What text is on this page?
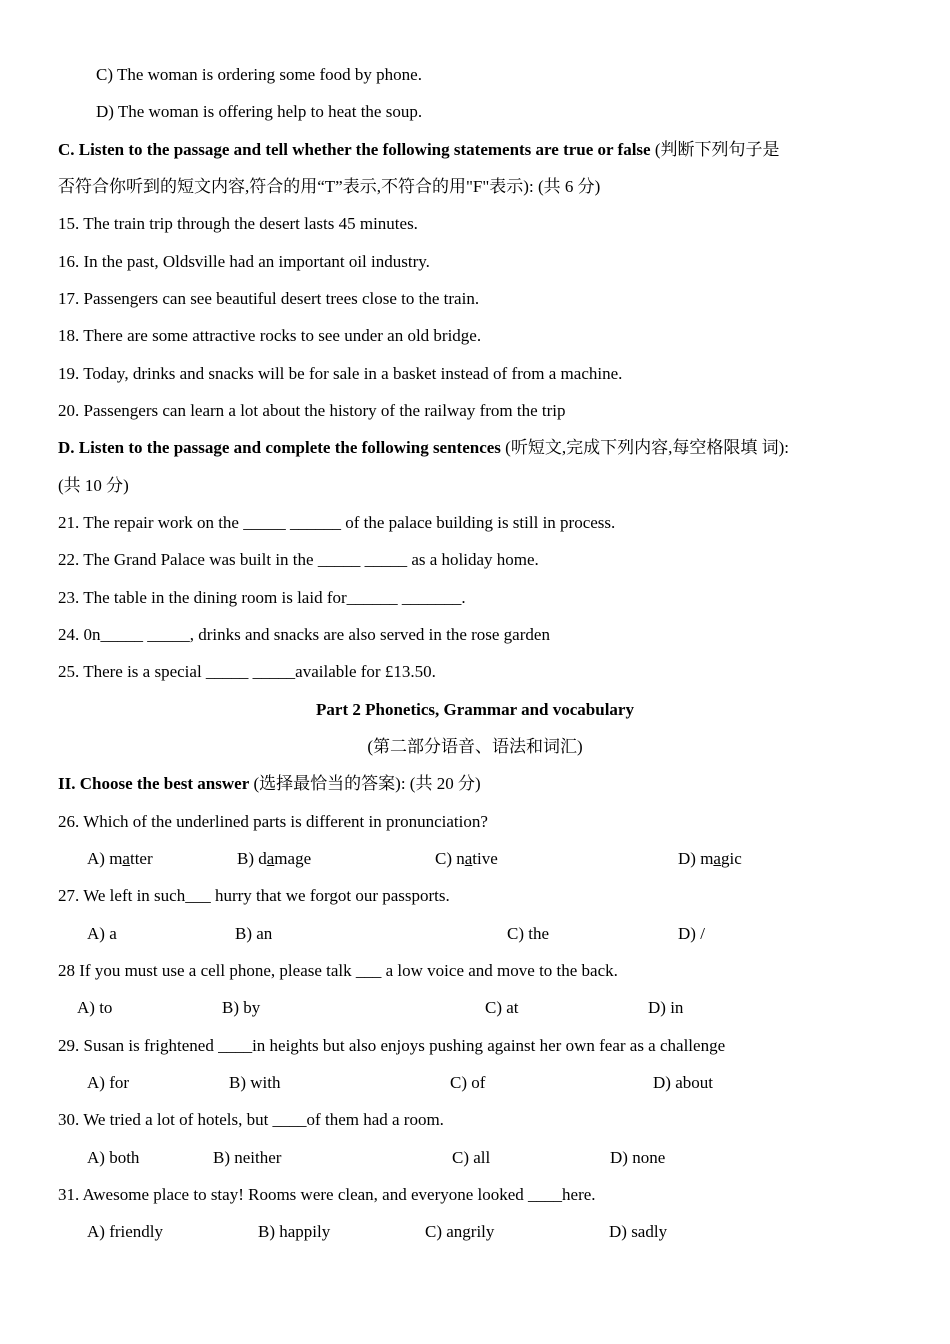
C) The woman is ordering some food by phone.
D) The woman is offering help to heat the soup.
C. Listen to the passage and tell whether the following statements are true or false (判断下列句子是
否符合你听到的短文内容,符合的用“T”表示,不符合的用"F"表示): (共 6 分)
15. The train trip through the desert lasts 45 minutes.
16. In the past, Oldsville had an important oil industry.
17. Passengers can see beautiful desert trees close to the train.
18. There are some attractive rocks to see under an old bridge.
19. Today, drinks and snacks will be for sale in a basket instead of from a machine.
20. Passengers can learn a lot about the history of the railway from the trip
D. Listen to the passage and complete the following sentences (听短文,完成下列内容,每空格限填 词):
(共 10 分)
21. The repair work on the _____ ______ of the palace building is still in process.
22. The Grand Palace was built in the _____ _____ as a holiday home.
23. The table in the dining room is laid for______ _______.
24. 0n_____ _____, drinks and snacks are also served in the rose garden
25. There is a special _____ _____available for £13.50.
Part 2 Phonetics, Grammar and vocabulary
(第二部分语音、语法和词汇)
II. Choose the best answer (选择最恰当的答案): (共 20 分)
26. Which of the underlined parts is different in pronunciation?
A) matter	B) damage	C) native	D) magic
27. We left in such___ hurry that we forgot our passports.
A) a	B) an	C) the	D) /
28 If you must use a cell phone, please talk ___ a low voice and move to the back.
A) to	B) by	C) at	D) in
29. Susan is frightened ____in heights but also enjoys pushing against her own fear as a challenge
A) for	B) with	C) of	D) about
30. We tried a lot of hotels, but ____of them had a room.
A) both	B) neither	C) all	D) none
31. Awesome place to stay! Rooms were clean, and everyone looked ____here.
A) friendly	B) happily	C) angrily	D) sadly
